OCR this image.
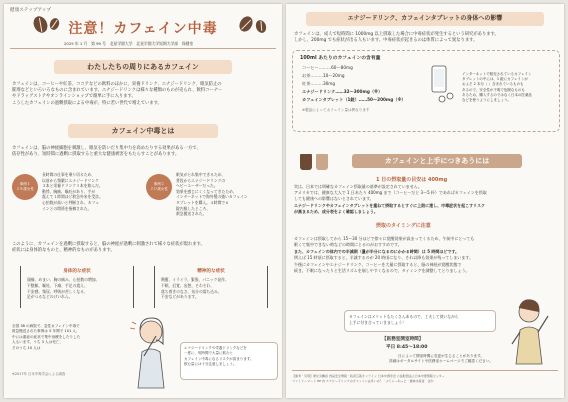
健康ステップアップ
注意！カフェイン中毒
2025 年 1 月　第 99 号　北星学園大学　北星学園大学短期大学部　保健室
わたしたちの周りにあるカフェイン
カフェインは、コーヒーや紅茶、ココアなどの飲料のほかに、栄養ドリンク、エナジードリンク、眠気防止の
錠剤などといろいろなものに含まれています。エナジードリンクは様々な種類のものが売られ、飲料コーナー
やドラッグストアやオンラインショップで簡単に手に入ります。
こうしたカフェインの過剰摂取による中毒が、特に若い世代で増えています。
カフェイン中毒とは
カフェインは、脳の神経細胞を刺激し、眠気を防いだり集中力を高めたりする効果がある一方で、
依存性があり、短時間に過剰に摂取すると重大な健康被害をもたらすことがあります。
事例１
２８歳女性
長時間の仕事を乗り切るため、
以前から頻繁にエナジードリンク
３本と栄養ドリンク１本を飲んだ。
動悸、胸痛、嘔吐があり、手が
震えて１時間ほど救急外来を受診。
心拍数が高いと判断され、カフェ
インとの関係を指摘された。
事例２
２０歳女性
眠気がとれ集中できるため、
普段からエナジードリンクの
ヘビーユーザーだった。
効果を感じにくくなってきたため、
インターネットで海外製の強いカフェイン
タブレットを購入。４時間で６
錠内服したところ、
救急搬送された。
このように、カフェインを過剰に摂取すると、脳の神経が過剰に刺激されて様々な症状が現れます。
症状には身体的なものと、精神的なものがあります。
身体的な症状
頭痛、めまい、胸の痛み、心拍数の増加、
不整脈、嘔吐、下痢、手足の震え、
不安感、頻尿、呼吸が苦しくなる、
足がつるなどのけいれん、
精神的な症状
興奮、イライラ、緊張、パニック発作、
不眠、幻覚、妄想、そわそわ、
落ち着きのなさ、気分の落ち込み、
不安などがあります。
全国 38 の病院で、急性カフェイン中毒で
救急搬送された事例は 5 年間で 101 人、
中には重症の症状で集中治療をしたりした
人もいます。うち 3 人は死亡、
そのうち 10 人は
※2017年 日本中毒学会による調査
エナジードリンクや栄養ドリンクなどを
一度に、短時間で大量に飲むと
カフェイン中毒になるリスクが高まります。
飲む量には十分注意しましょう。
エナジードリンク、カフェインタブレットの身体への影響
カフェインは、成人で短時間に 1000mg 以上摂取した場合に中毒症状が発生するという研究があります。
しかし、200mg でも症状が出る人もいます。中毒症状が起きるのは体質によって異なります。
100ml あたりのカフェインの含有量
コーヒー………60～80mg
お茶………10～20mg
紅茶………30mg
エナジードリンク……32～300mg（※）
カフェインタブレット（1錠）……50～200mg（※）
※製品によってカフェイン量は異なります
インターネットで販売されているカフェイン
タブレットの中には、1 錠にカフェインが
およそ 2 本分（ ）含まれているものも
あるので、安全性が不明で危険なものも
あるため、購入するのではなく日本の医薬品
などを使うようにしましょう。
カフェインと上手につきあうには
1 日の摂取量の目安は 400mg
実は、日本では明確なカフェイン摂取量の基準が設定されていません。
アメリカでは、健康な大人で 1 日あたり 400mg まで（コーヒーだと 3～5 杯）であればカフェインを摂取
しても健康への影響はないとされています。
エナジードリンクやカフェインタブレットを重ねて摂取するとすぐに上限に達し、中毒症状を起こすリスク
が高まるため、成分表をよく確認しましょう。
摂取のタイミングに注意
カフェインは摂取してから 15～30 分ほどで徐々に覚醒効果が高まってくるため、午前中にとっても
眠くて集中できない時などの時間にとるのがおすすめです。
また、カフェインの体内での半減期（量が半分になるのにかかる時間）は 5 時間ほどです。
例えば 15 時頃に摂取すると、半減するのが 20 時頃になり、それ以降も効果が残ってしまいます。
午後にカフェインやエナジードリンク、コーヒーを大量に摂取すると、脳の神経が覚醒状態で
続き、不眠になったりと生活リズムを崩しやすくなるので、タイミングを調整してとりましょう。
カフェインはメリットもたくさんあるので、工夫して使いながら
上手に付き合っていきましょう！
【医務室開室時間】
平日 8:45～18:00
日によって開室時間に変更が生じることがあります。
詳細はポータルサイトや医務室ホームページでご確認ください。
【参考・引用】厚生労働省 食品安全情報・政府広報オンライン 日本中毒学会 公益財団法人日本中毒情報センター
ファミリーマート HP 内 エナジードリンクのカフェインは多いの？・ぷてらーねっと・農林水産省　ほか
